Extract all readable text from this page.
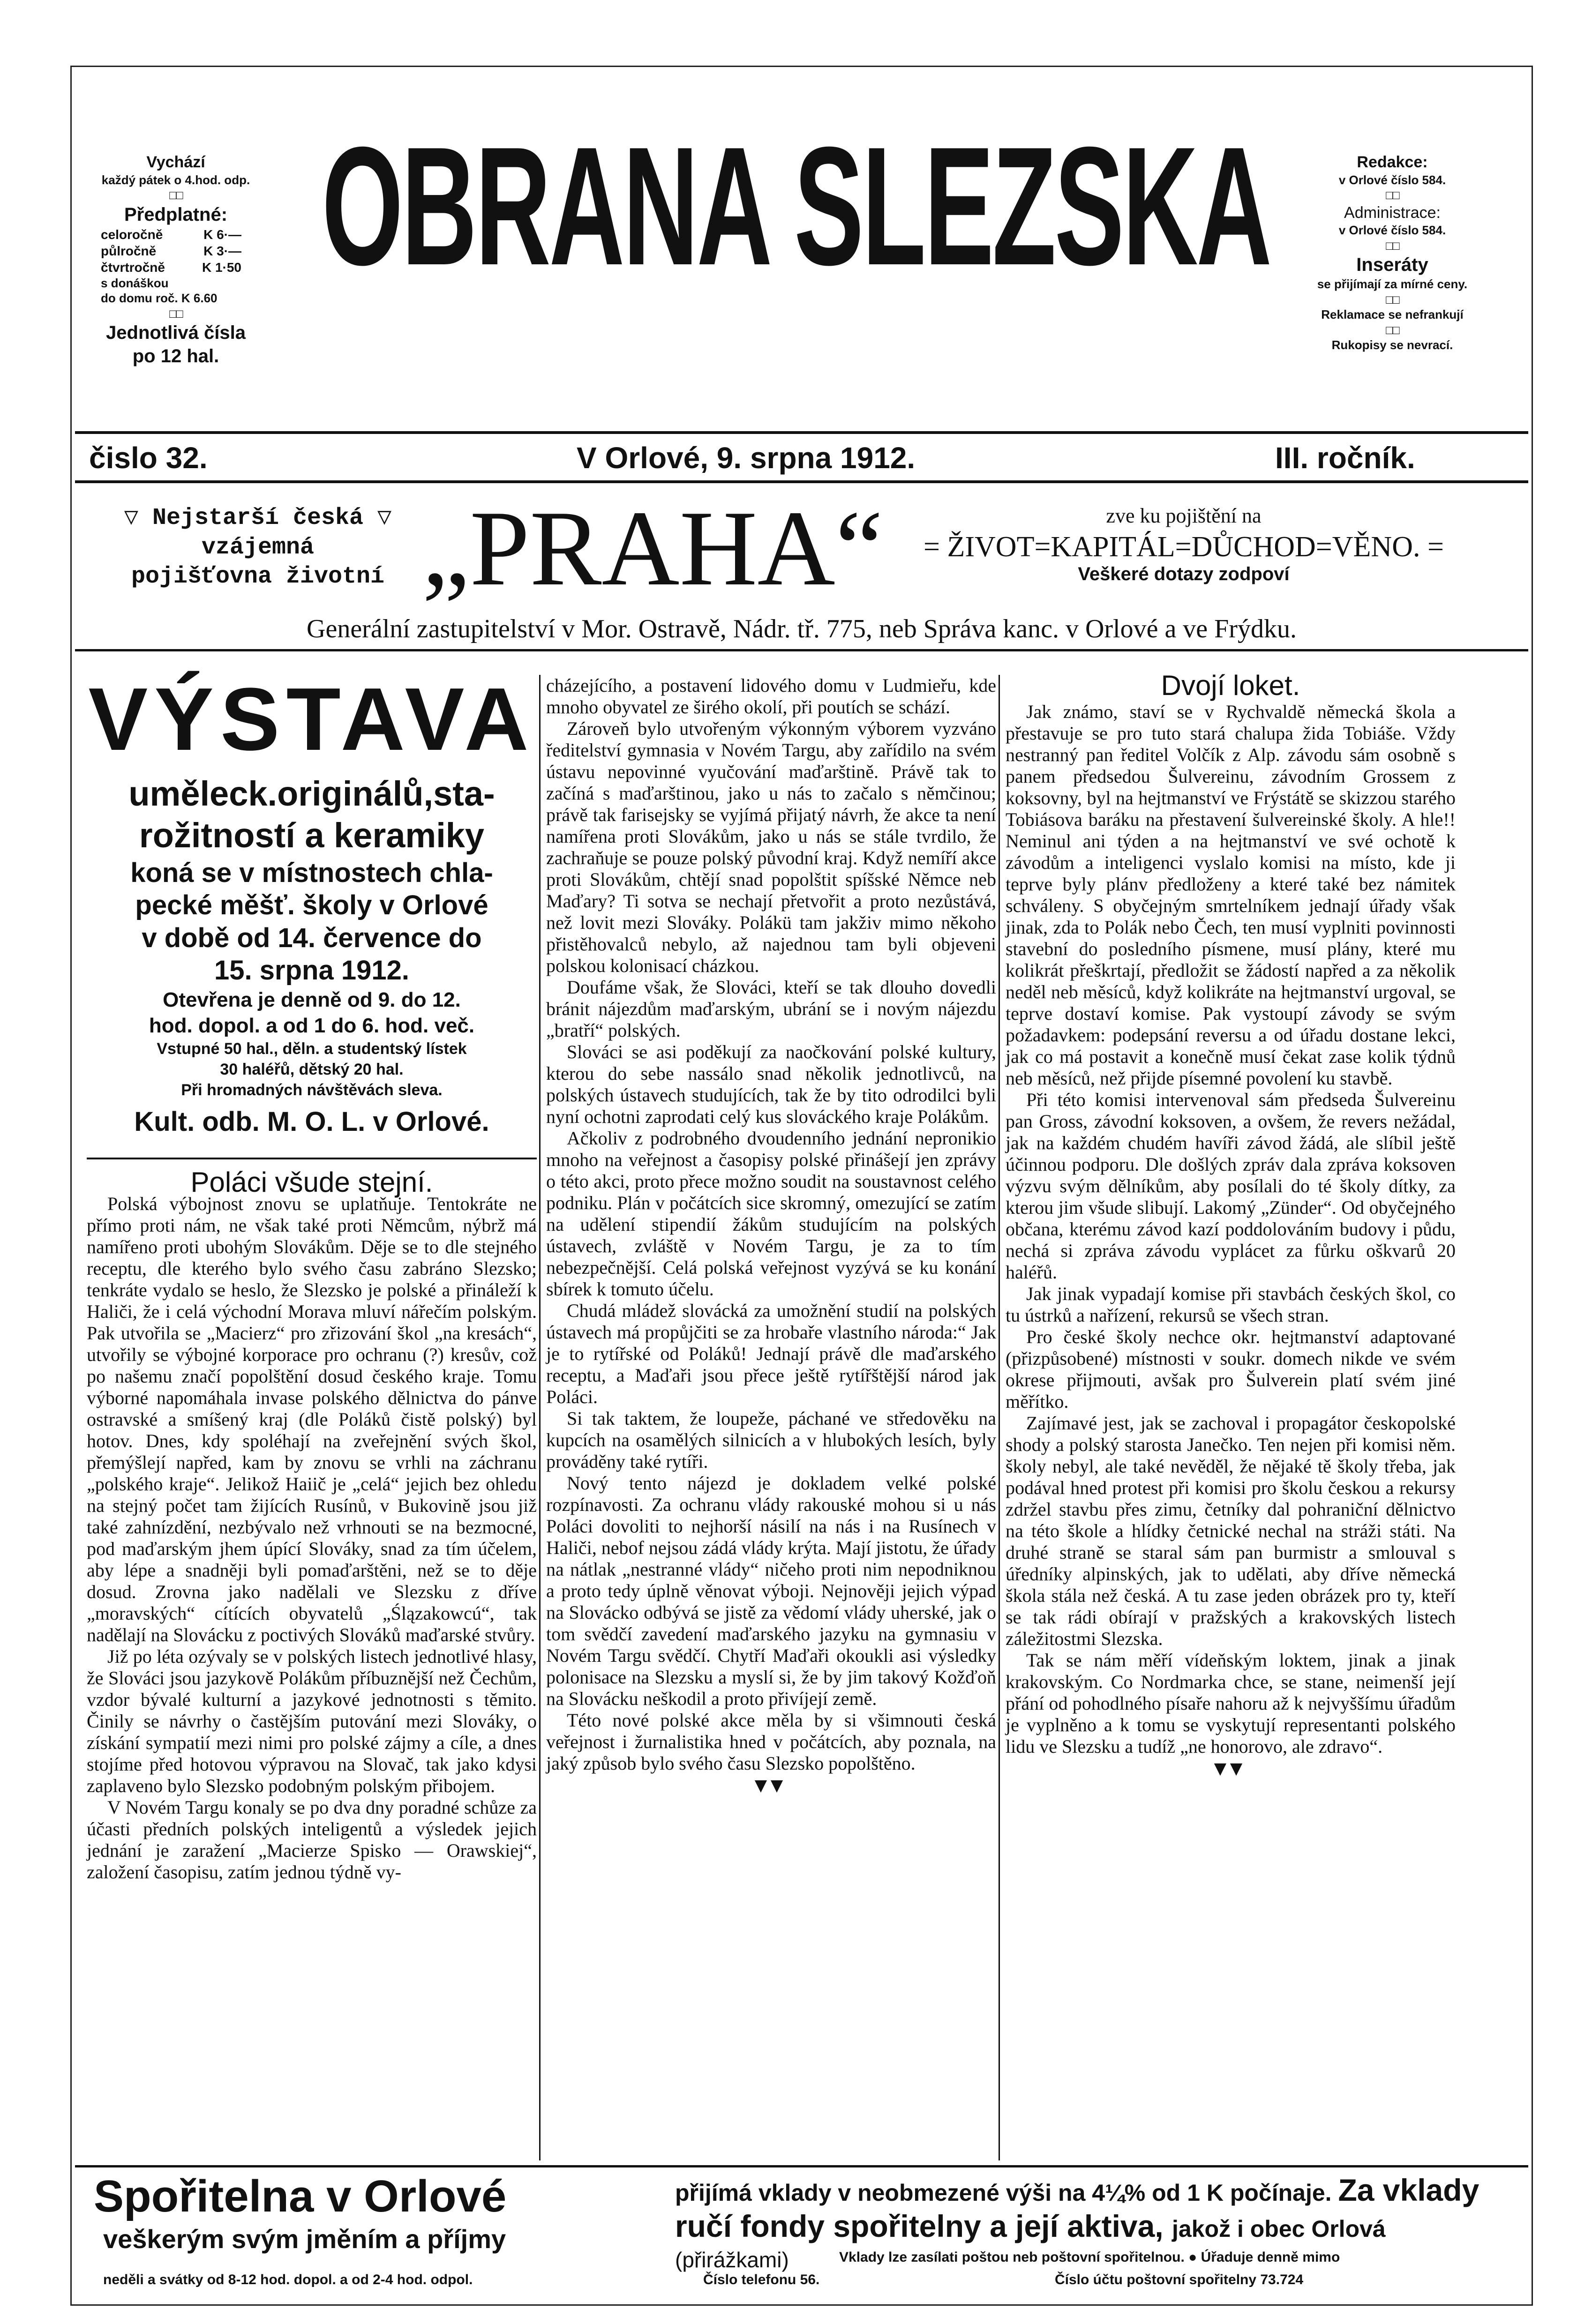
Vychází
každý pátek o 4.hod. odp.
□□
Předplatné:
celoročně	K 6·—
půlročně	K 3·—
čtvrtročně	K 1·50
s donáškou
do domu roč. K 6.60
□□
Jednotlivá čísla
po 12 hal.
OBRANA SLEZSKA	Redakce:
v Orlové číslo 584.
□□
Administrace:
v Orlové číslo 584.
□□
Inseráty
se přijímají za mírné ceny.
□□
Reklamace se nefrankují
□□
Rukopisy se nevrací.
čislo 32.	V Orlové, 9. srpna 1912.	III. ročník.
▽ Nejstarší česká ▽
vzájemná
pojišťovna životní „PRAHA“	zve ku pojištění na
= ŽIVOT=KAPITÁL=DŮCHOD=VĚNO. =
Veškeré dotazy zodpoví
Generální zastupitelství v Mor. Ostravě, Nádr. tř. 775, neb Správa kanc. v Orlové a ve Frýdku.
VÝSTAVA
uměleck.originálů,sta-
rožitností a keramiky
koná se v místnostech chla-
pecké měšť. školy v Orlové
v době od 14. července do
15. srpna 1912.
Otevřena je denně od 9. do 12.
hod. dopol. a od 1 do 6. hod. več.
Vstupné 50 hal., děln. a studentský lístek
30 haléřů, dětský 20 hal.
Při hromadných návštěvách sleva.
Kult. odb. M. O. L. v Orlové.
Poláci všude stejní.

Polská výbojnost znovu se uplatňuje. Tentokráte ne přímo proti nám, ne však také proti Němcům, nýbrž má namířeno proti ubohým Slovákům. Děje se to dle stejného receptu, dle kterého bylo svého času zabráno Slezsko; tenkráte vydalo se heslo, že Slezsko je polské a přináleží k Haliči, že i celá východní Morava mluví nářečím polským. Pak utvořila se „Macierz“ pro zřizování škol „na kresách“, utvořily se výbojné korporace pro ochranu (?) kresův, což po našemu značí popolštění dosud českého kraje. Tomu výborné napomáhala invase polského dělnictva do pánve ostravské a smíšený kraj (dle Poláků čistě polský) byl hotov. Dnes, kdy spoléhají na zveřejnění svých škol, přemýšlejí napřed, kam by znovu se vrhli na záchranu „polského kraje“. Jelikož Haiič je „celá“ jejich bez ohledu na stejný počet tam žijících Rusínů, v Bukovině jsou již také zahnízdění, nezbývalo než vrhnouti se na bezmocné, pod maďarským jhem úpící Slováky, snad za tím účelem, aby lépe a snadněji byli pomaďarštěni, než se to děje dosud. Zrovna jako nadělali ve Slezsku z dříve „moravských“ cítících obyvatelů „Ślązakowcú“, tak nadělají na Slovácku z poctivých Slováků maďarské stvůry.

Již po léta ozývaly se v polských listech jednotlivé hlasy, že Slováci jsou jazykově Polákům příbuznější než Čechům, vzdor bývalé kulturní a jazykové jednotnosti s těmito. Činily se návrhy o častějším putování mezi Slováky, o získání sympatií mezi nimi pro polské zájmy a cíle, a dnes stojíme před hotovou výpravou na Slovač, tak jako kdysi zaplaveno bylo Slezsko podobným polským přibojem.

V Novém Targu konaly se po dva dny poradné schůze za účasti předních polských inteligentů a výsledek jejich jednání je zaražení „Macierze Spisko — Orawskiej“, založení časopisu, zatím jednou týdně vy-

cházejícího, a postavení lidového domu v Ludmieřu, kde mnoho obyvatel ze širého okolí, při poutích se schází.

Zároveň bylo utvořeným výkonným výborem vyzváno ředitelství gymnasia v Novém Targu, aby zařídilo na svém ústavu nepovinné vyučování maďarštině. Právě tak to začíná s maďarštinou, jako u nás to začalo s němčinou; právě tak farisejsky se vyjímá přijatý návrh, že akce ta není namířena proti Slovákům, jako u nás se stále tvrdilo, že zachraňuje se pouze polský původní kraj. Když nemíří akce proti Slovákům, chtějí snad popolštit spíšské Němce neb Maďary? Ti sotva se nechají přetvořit a proto nezůstává, než lovit mezi Slováky. Polákü tam jakživ mimo někoho přistěhovalců nebylo, až najednou tam byli objeveni polskou kolonisací cházkou.

Doufáme však, že Slováci, kteří se tak dlouho dovedli bránit nájezdům maďarským, ubrání se i novým nájezdu „bratří“ polských.

Slováci se asi poděkují za naočkování polské kultury, kterou do sebe nassálo snad několik jednotlivců, na polských ústavech studujících, tak že by tito odrodilci byli nyní ochotni zaprodati celý kus slováckého kraje Polákům.

Ačkoliv z podrobného dvoudenního jednání nepronikio mnoho na veřejnost a časopisy polské přinášejí jen zprávy o této akci, proto přece možno soudit na soustavnost celého podniku. Plán v počátcích sice skromný, omezující se zatím na udělení stipendií žákům studujícím na polských ústavech, zvláště v Novém Targu, je za to tím nebezpečnější. Celá polská veřejnost vyzývá se ku konání sbírek k tomuto účelu.

Chudá mládež slovácká za umožnění studií na polských ústavech má propůjčiti se za hrobaře vlastního národa:“ Jak je to rytířské od Poláků! Jednají právě dle maďarského receptu, a Maďaři jsou přece ještě rytířštější národ jak Poláci.

Si tak taktem, že loupeže, páchané ve středověku na kupcích na osamělých silnicích a v hlubokých lesích, byly prováděny také rytíři.

Nový tento nájezd je dokladem velké polské rozpínavosti. Za ochranu vlády rakouské mohou si u nás Poláci dovoliti to nejhorší násilí na nás i na Rusínech v Haliči, nebof nejsou zádá vlády krýta. Mají jistotu, že úřady na nátlak „nestranné vlády“ ničeho proti nim nepodniknou a proto tedy úplně věnovat výboji. Nejnověji jejich výpad na Slovácko odbývá se jistě za vědomí vlády uherské, jak o tom svědčí zavedení maďarského jazyku na gymnasiu v Novém Targu svědčí. Chytří Maďaři okoukli asi výsledky polonisace na Slezsku a myslí si, že by jim takový Kožďoň na Slovácku neškodil a proto přivíjejí země.

Této nové polské akce měla by si všimnouti česká veřejnost i žurnalistika hned v počátcích, aby poznala, na jaký způsob bylo svého času Slezsko popolštěno.

▾▾
Dvojí loket.

Jak známo, staví se v Rychvaldě německá škola a přestavuje se pro tuto stará chalupa žida Tobiáše. Vždy nestranný pan ředitel Volčík z Alp. závodu sám osobně s panem předsedou Šulvereinu, závodním Grossem z koksovny, byl na hejtmanství ve Frýstátě se skizzou starého Tobiásova baráku na přestavení šulvereinské školy. A hle!! Neminul ani týden a na hejtmanství ve své ochotě k závodům a inteligenci vyslalo komisi na místo, kde ji teprve byly plánv předloženy a které také bez námitek schváleny. S obyčejným smrtelníkem jednají úřady však jinak, zda to Polák nebo Čech, ten musí vyplniti povinnosti stavební do posledního písmene, musí plány, které mu kolikrát přeškrtají, předložit se žádostí napřed a za několik neděl neb měsíců, když kolikráte na hejtmanství urgoval, se teprve dostaví komise. Pak vystoupí závody se svým požadavkem: podepsání reversu a od úřadu dostane lekci, jak co má postavit a konečně musí čekat zase kolik týdnů neb měsíců, než přijde písemné povolení ku stavbě.

Při této komisi intervenoval sám předseda Šulvereinu pan Gross, závodní koksoven, a ovšem, že revers nežádal, jak na každém chudém havíři závod žádá, ale slíbil ještě účinnou podporu. Dle došlých zpráv dala zpráva koksoven výzvu svým dělníkům, aby posílali do té školy dítky, za kterou jim všude slibují. Lakomý „Zünder“. Od obyčejného občana, kterému závod kazí poddolováním budovy i půdu, nechá si zpráva závodu vyplácet za fůrku oškvarů 20 haléřů.

Jak jinak vypadají komise při stavbách českých škol, co tu ústrků a nařízení, rekursů se všech stran.

Pro české školy nechce okr. hejtmanství adaptované (přizpůsobené) místnosti v soukr. domech nikde ve svém okrese přijmouti, avšak pro Šulverein platí svém jiné měřítko.

Zajímavé jest, jak se zachoval i propagátor českopolské shody a polský starosta Janečko. Ten nejen při komisi něm. školy nebyl, ale také nevěděl, že nějaké tě školy třeba, jak podával hned protest při komisi pro školu českou a rekursy zdržel stavbu přes zimu, četníky dal pohraniční dělnictvo na této škole a hlídky četnické nechal na stráži státi. Na druhé straně se staral sám pan burmistr a smlouval s úředníky alpinských, jak to udělati, aby dříve německá škola stála než česká. A tu zase jeden obrázek pro ty, kteří se tak rádi obírají v pražských a krakovských listech záležitostmi Slezska.

Tak se nám měří vídeňským loktem, jinak a jinak krakovským. Co Nordmarka chce, se stane, neimenší její přání od pohodlného písaře nahoru až k nejvyššímu úřadům je vyplněno a k tomu se vyskytují representanti polského lidu ve Slezsku a tudíž „ne honorovo, ale zdravo“.

▾▾
Spořitelna v Orlové	přijímá vklady v neobmezené výši na 4¼% od 1 K počínaje. Za vklady
veškerým svým jměním a příjmy	ručí fondy spořitelny a její aktiva, jakož i obec Orlová
(přirážkami)	Vklady lze zasílati poštou neb poštovní spořitelnou. ● Úřaduje denně mimo
neděli a svátky od 8-12 hod. dopol. a od 2-4 hod. odpol.	Číslo telefonu 56.	Číslo účtu poštovní spořitelny 73.724
